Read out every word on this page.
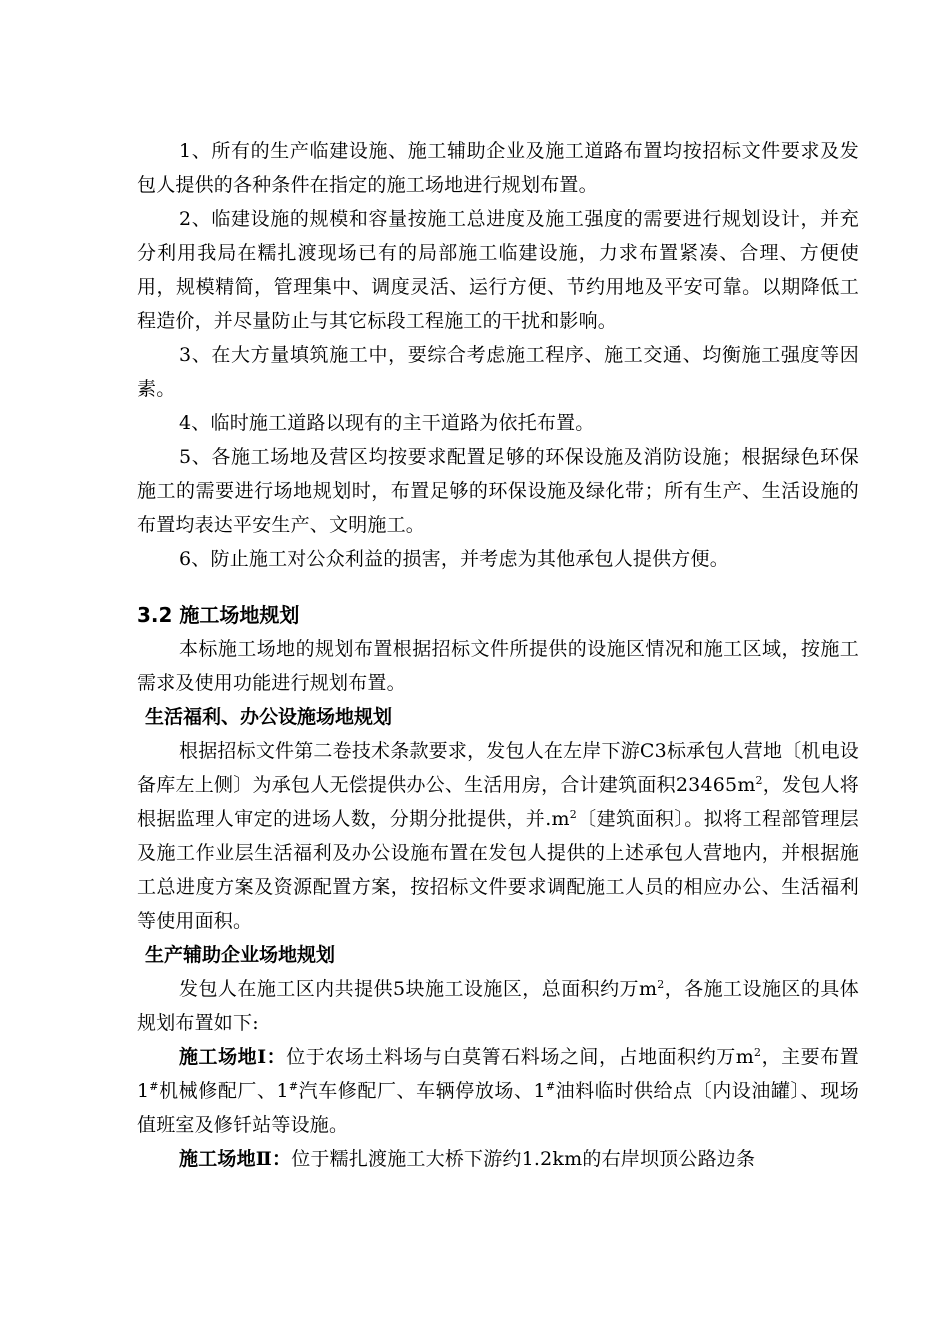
1、所有的生产临建设施、施工辅助企业及施工道路布置均按招标文件要求及发包人提供的各种条件在指定的施工场地进行规划布置。

2、临建设施的规模和容量按施工总进度及施工强度的需要进行规划设计，并充分利用我局在糯扎渡现场已有的局部施工临建设施，力求布置紧凑、合理、方便使用，规模精简，管理集中、调度灵活、运行方便、节约用地及平安可靠。以期降低工程造价，并尽量防止与其它标段工程施工的干扰和影响。

3、在大方量填筑施工中，要综合考虑施工程序、施工交通、均衡施工强度等因素。

4、临时施工道路以现有的主干道路为依托布置。

5、各施工场地及营区均按要求配置足够的环保设施及消防设施；根据绿色环保施工的需要进行场地规划时，布置足够的环保设施及绿化带；所有生产、生活设施的布置均表达平安生产、文明施工。

6、防止施工对公众利益的损害，并考虑为其他承包人提供方便。

3.2 施工场地规划

本标施工场地的规划布置根据招标文件所提供的设施区情况和施工区域，按施工需求及使用功能进行规划布置。

生活福利、办公设施场地规划

根据招标文件第二卷技术条款要求，发包人在左岸下游C3标承包人营地〔机电设备库左上侧〕为承包人无偿提供办公、生活用房，合计建筑面积$23465m^2$，发包人将根据监理人审定的进场人数，分期分批提供，并$.m^2$〔建筑面积〕。拟将工程部管理层及施工作业层生活福利及办公设施布置在发包人提供的上述承包人营地内，并根据施工总进度方案及资源配置方案，按招标文件要求调配施工人员的相应办公、生活福利等使用面积。

生产辅助企业场地规划

发包人在施工区内共提供5块施工设施区，总面积约万$m^2$，各施工设施区的具体规划布置如下:

施工场地Ⅰ：位于农场土料场与白莫箐石料场之间，占地面积约万$m^2$，主要布置1#机械修配厂、1#汽车修配厂、车辆停放场、1#油料临时供给点〔内设油罐〕、现场值班室及修钎站等设施。

施工场地Ⅱ：位于糯扎渡施工大桥下游约1.2km的右岸坝顶公路边条
